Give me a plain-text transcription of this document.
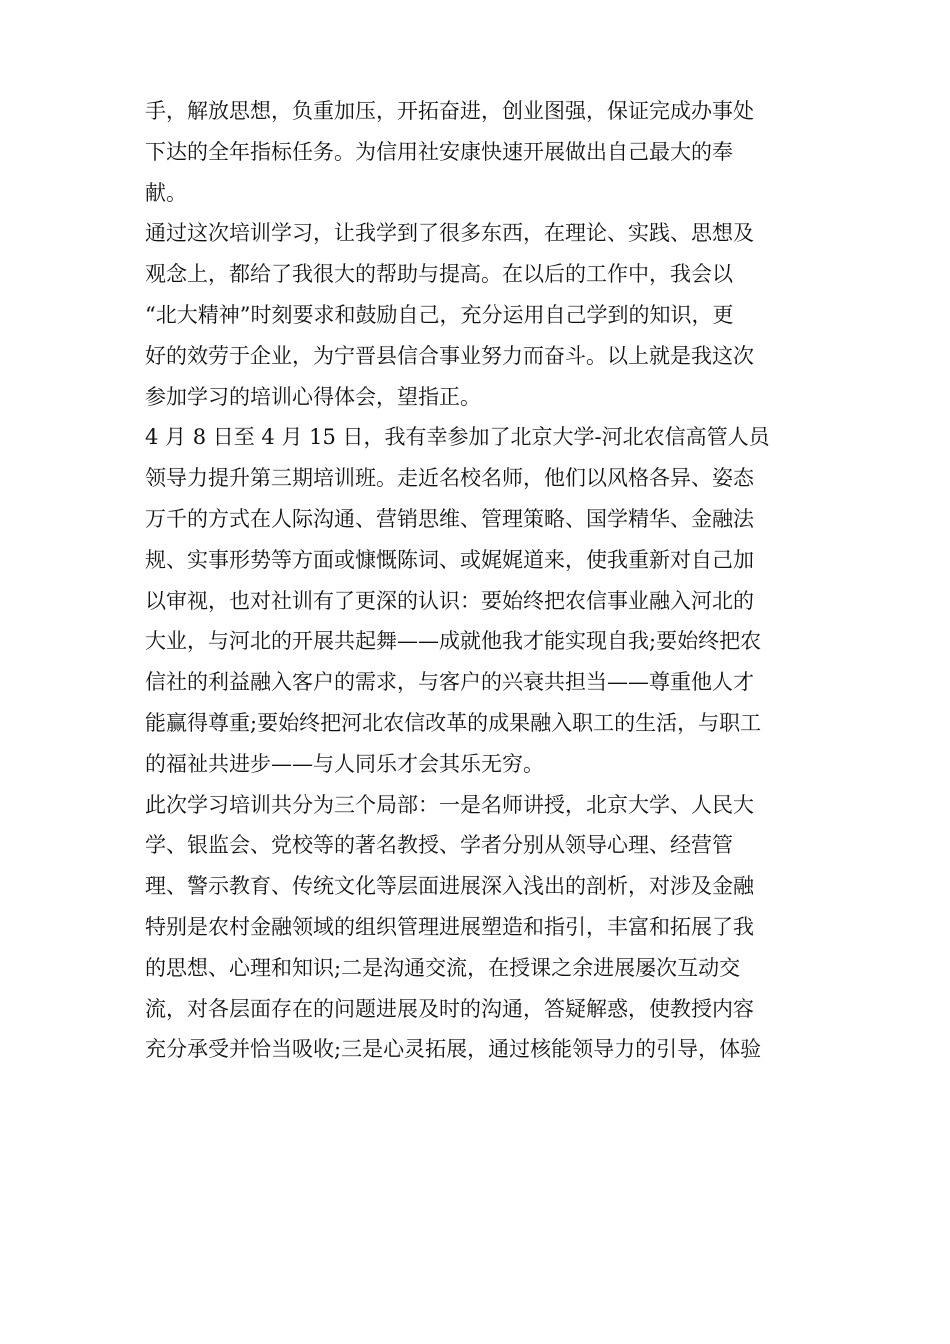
手，解放思想，负重加压，开拓奋进，创业图强，保证完成办事处
下达的全年指标任务。为信用社安康快速开展做出自己最大的奉
献。
通过这次培训学习，让我学到了很多东西，在理论、实践、思想及
观念上，都给了我很大的帮助与提高。在以后的工作中，我会以
“北大精神”时刻要求和鼓励自己，充分运用自己学到的知识，更
好的效劳于企业，为宁晋县信合事业努力而奋斗。以上就是我这次
参加学习的培训心得体会，望指正。
4 月 8 日至 4 月 15 日，我有幸参加了北京大学-河北农信高管人员
领导力提升第三期培训班。走近名校名师，他们以风格各异、姿态
万千的方式在人际沟通、营销思维、管理策略、国学精华、金融法
规、实事形势等方面或慷慨陈词、或娓娓道来，使我重新对自己加
以审视，也对社训有了更深的认识：要始终把农信事业融入河北的
大业，与河北的开展共起舞——成就他我才能实现自我;要始终把农
信社的利益融入客户的需求，与客户的兴衰共担当——尊重他人才
能赢得尊重;要始终把河北农信改革的成果融入职工的生活，与职工
的福祉共进步——与人同乐才会其乐无穷。
此次学习培训共分为三个局部：一是名师讲授，北京大学、人民大
学、银监会、党校等的著名教授、学者分别从领导心理、经营管
理、警示教育、传统文化等层面进展深入浅出的剖析，对涉及金融
特别是农村金融领域的组织管理进展塑造和指引，丰富和拓展了我
的思想、心理和知识;二是沟通交流，在授课之余进展屡次互动交
流，对各层面存在的问题进展及时的沟通，答疑解惑，使教授内容
充分承受并恰当吸收;三是心灵拓展，通过核能领导力的引导，体验
